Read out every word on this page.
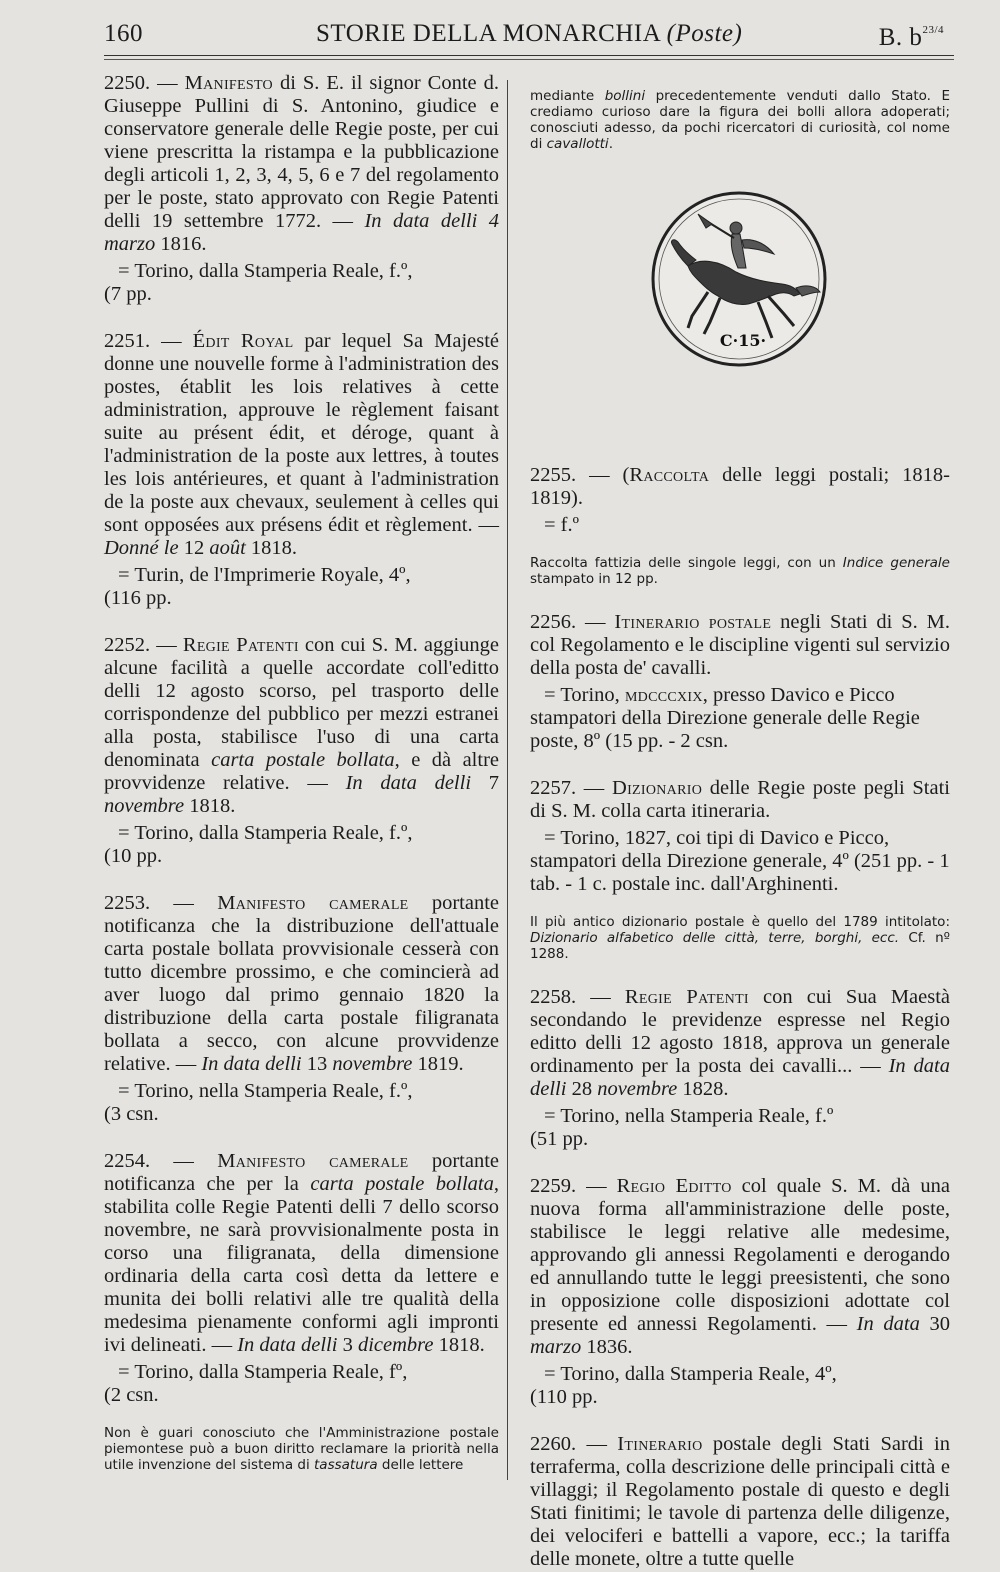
160	STORIE DELLA MONARCHIA (Poste)	B. $b^{23/4}$

2250. — Manifesto di S. E. il signor Conte d. Giuseppe Pullini di S. Antonino, giudice e conservatore generale delle Regie poste, per cui viene prescritta la ristampa e la pubblicazione degli articoli 1, 2, 3, 4, 5, 6 e 7 del regolamento per le poste, stato approvato con Regie Patenti delli 19 settembre 1772. — In data delli 4 marzo 1816.

= Torino, dalla Stamperia Reale, f.º,
(7 pp.

2251. — Édit Royal par lequel Sa Majesté donne une nouvelle forme à l'administration des postes, établit les lois relatives à cette administration, approuve le règlement faisant suite au présent édit, et déroge, quant à l'administration de la poste aux lettres, à toutes les lois antérieures, et quant à l'administration de la poste aux chevaux, seulement à celles qui sont opposées aux présens édit et règlement. — Donné le 12 août 1818.

= Turin, de l'Imprimerie Royale, 4º,
(116 pp.

2252. — Regie Patenti con cui S. M. aggiunge alcune facilità a quelle accordate coll'editto delli 12 agosto scorso, pel trasporto delle corrispondenze del pubblico per mezzi estranei alla posta, stabilisce l'uso di una carta denominata carta postale bollata, e dà altre provvidenze relative. — In data delli 7 novembre 1818.

= Torino, dalla Stamperia Reale, f.º,
(10 pp.

2253. — Manifesto camerale portante notificanza che la distribuzione dell'attuale carta postale bollata provvisionale cesserà con tutto dicembre prossimo, e che comincierà ad aver luogo dal primo gennaio 1820 la distribuzione della carta postale filigranata bollata a secco, con alcune provvidenze relative. — In data delli 13 novembre 1819.

= Torino, nella Stamperia Reale, f.º,
(3 csn.

2254. — Manifesto camerale portante notificanza che per la carta postale bollata, stabilita colle Regie Patenti delli 7 dello scorso novembre, ne sarà provvisionalmente posta in corso una filigranata, della dimensione ordinaria della carta così detta da lettere e munita dei bolli relativi alle tre qualità della medesima pienamente conformi agli impronti ivi delineati. — In data delli 3 dicembre 1818.

= Torino, dalla Stamperia Reale, fº,
(2 csn.

Non è guari conosciuto che l'Amministrazione postale piemontese può a buon diritto reclamare la priorità nella utile invenzione del sistema di tassatura delle lettere

mediante bollini precedentemente venduti dallo Stato. E crediamo curioso dare la figura dei bolli allora adoperati; conosciuti adesso, da pochi ricercatori di curiosità, col nome di cavallotti.

2255. — (Raccolta delle leggi postali; 1818-1819).

= f.º

Raccolta fattizia delle singole leggi, con un Indice generale stampato in 12 pp.

2256. — Itinerario postale negli Stati di S. M. col Regolamento e le discipline vigenti sul servizio della posta de' cavalli.

= Torino, mdcccxix, presso Davico e Picco stampatori della Direzione generale delle Regie poste, 8º (15 pp. - 2 csn.

2257. — Dizionario delle Regie poste pegli Stati di S. M. colla carta itineraria.

= Torino, 1827, coi tipi di Davico e Picco, stampatori della Direzione generale, 4º (251 pp. - 1 tab. - 1 c. postale inc. dall'Arghinenti.

Il più antico dizionario postale è quello del 1789 intitolato: Dizionario alfabetico delle città, terre, borghi, ecc. Cf. nº 1288.

2258. — Regie Patenti con cui Sua Maestà secondando le previdenze espresse nel Regio editto delli 12 agosto 1818, approva un generale ordinamento per la posta dei cavalli... — In data delli 28 novembre 1828.

= Torino, nella Stamperia Reale, f.º
(51 pp.

2259. — Regio Editto col quale S. M. dà una nuova forma all'amministrazione delle poste, stabilisce le leggi relative alle medesime, approvando gli annessi Regolamenti e derogando ed annullando tutte le leggi preesistenti, che sono in opposizione colle disposizioni adottate col presente ed annessi Regolamenti. — In data 30 marzo 1836.

= Torino, dalla Stamperia Reale, 4º,
(110 pp.

2260. — Itinerario postale degli Stati Sardi in terraferma, colla descrizione delle principali città e villaggi; il Regolamento postale di questo e degli Stati finitimi; le tavole di partenza delle diligenze, dei velociferi e battelli a vapore, ecc.; la tariffa delle monete, oltre a tutte quelle

C·15·
